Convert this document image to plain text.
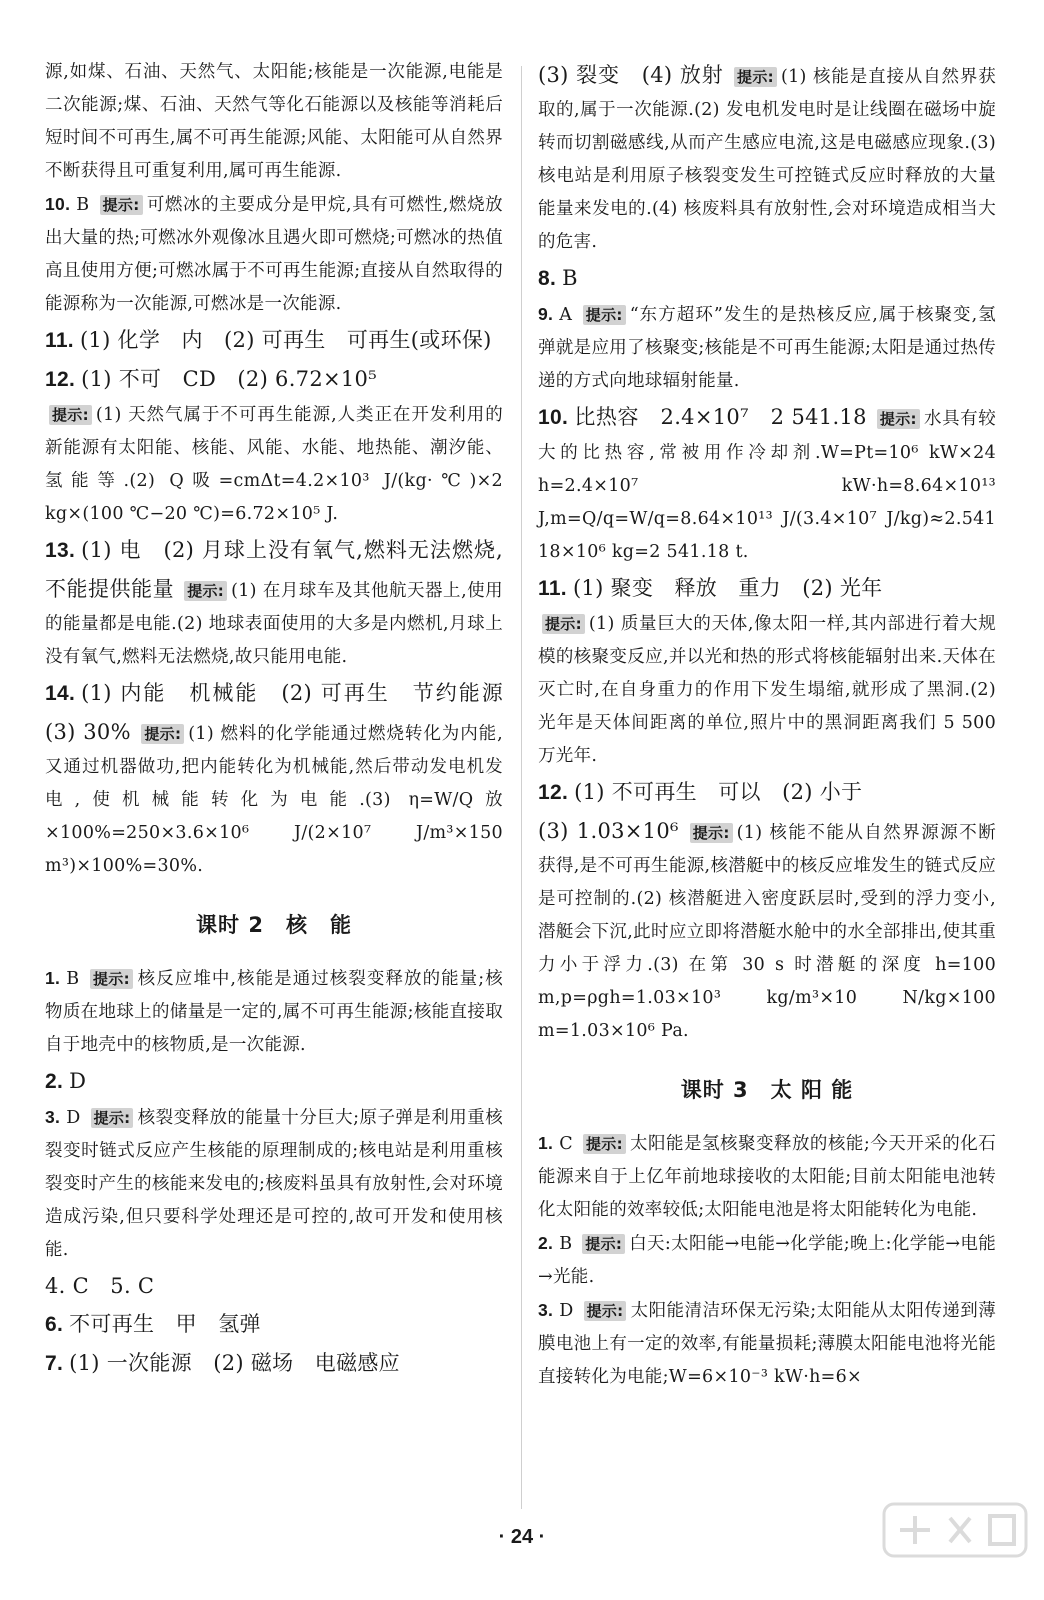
源,如煤、石油、天然气、太阳能;核能是一次能源,电能是二次能源;煤、石油、天然气等化石能源以及核能等消耗后短时间不可再生,属不可再生能源;风能、太阳能可从自然界不断获得且可重复利用,属可再生能源.

10. B 提示: 可燃冰的主要成分是甲烷,具有可燃性,燃烧放出大量的热;可燃冰外观像冰且遇火即可燃烧;可燃冰的热值高且使用方便;可燃冰属于不可再生能源;直接从自然取得的能源称为一次能源,可燃冰是一次能源.

11. (1) 化学　内　(2) 可再生　可再生(或环保)

12. (1) 不可　CD　(2) 6.72×10⁵

提示: (1) 天然气属于不可再生能源,人类正在开发利用的新能源有太阳能、核能、风能、水能、地热能、潮汐能、氢能等.(2) Q吸=cmΔt=4.2×10³ J/(kg·℃)×2 kg×(100 ℃−20 ℃)=6.72×10⁵ J.

13. (1) 电　(2) 月球上没有氧气,燃料无法燃烧,不能提供能量 提示: (1) 在月球车及其他航天器上,使用的能量都是电能.(2) 地球表面使用的大多是内燃机,月球上没有氧气,燃料无法燃烧,故只能用电能.

14. (1) 内能　机械能　(2) 可再生　节约能源　(3) 30% 提示: (1) 燃料的化学能通过燃烧转化为内能,又通过机器做功,把内能转化为机械能,然后带动发电机发电,使机械能转化为电能.(3) η=W/Q放×100%=250×3.6×10⁶ J/(2×10⁷ J/m³×150 m³)×100%=30%.

课时 2　核　能

1. B 提示: 核反应堆中,核能是通过核裂变释放的能量;核物质在地球上的储量是一定的,属不可再生能源;核能直接取自于地壳中的核物质,是一次能源.

2. D

3. D 提示: 核裂变释放的能量十分巨大;原子弹是利用重核裂变时链式反应产生核能的原理制成的;核电站是利用重核裂变时产生的核能来发电的;核废料虽具有放射性,会对环境造成污染,但只要科学处理还是可控的,故可开发和使用核能.

4. C　5. C

6. 不可再生　甲　氢弹

7. (1) 一次能源　(2) 磁场　电磁感应

(3) 裂变　(4) 放射 提示: (1) 核能是直接从自然界获取的,属于一次能源.(2) 发电机发电时是让线圈在磁场中旋转而切割磁感线,从而产生感应电流,这是电磁感应现象.(3) 核电站是利用原子核裂变发生可控链式反应时释放的大量能量来发电的.(4) 核废料具有放射性,会对环境造成相当大的危害.

8. B

9. A 提示: “东方超环”发生的是热核反应,属于核聚变,氢弹就是应用了核聚变;核能是不可再生能源;太阳是通过热传递的方式向地球辐射能量.

10. 比热容　2.4×10⁷　2 541.18 提示: 水具有较大的比热容,常被用作冷却剂.W=Pt=10⁶ kW×24 h=2.4×10⁷ kW·h=8.64×10¹³ J,m=Q/q=W/q=8.64×10¹³ J/(3.4×10⁷ J/kg)≈2.541 18×10⁶ kg=2 541.18 t.

11. (1) 聚变　释放　重力　(2) 光年

提示: (1) 质量巨大的天体,像太阳一样,其内部进行着大规模的核聚变反应,并以光和热的形式将核能辐射出来.天体在灭亡时,在自身重力的作用下发生塌缩,就形成了黑洞.(2) 光年是天体间距离的单位,照片中的黑洞距离我们 5 500 万光年.

12. (1) 不可再生　可以　(2) 小于

(3) 1.03×10⁶ 提示: (1) 核能不能从自然界源源不断获得,是不可再生能源,核潜艇中的核反应堆发生的链式反应是可控制的.(2) 核潜艇进入密度跃层时,受到的浮力变小,潜艇会下沉,此时应立即将潜艇水舱中的水全部排出,使其重力小于浮力.(3) 在第 30 s 时潜艇的深度 h=100 m,p=ρgh=1.03×10³ kg/m³×10 N/kg×100 m=1.03×10⁶ Pa.

课时 3　太 阳 能

1. C 提示: 太阳能是氢核聚变释放的核能;今天开采的化石能源来自于上亿年前地球接收的太阳能;目前太阳能电池转化太阳能的效率较低;太阳能电池是将太阳能转化为电能.

2. B 提示: 白天:太阳能→电能→化学能;晚上:化学能→电能→光能.

3. D 提示: 太阳能清洁环保无污染;太阳能从太阳传递到薄膜电池上有一定的效率,有能量损耗;薄膜太阳能电池将光能直接转化为电能;W=6×10⁻³ kW·h=6×

· 24 ·
